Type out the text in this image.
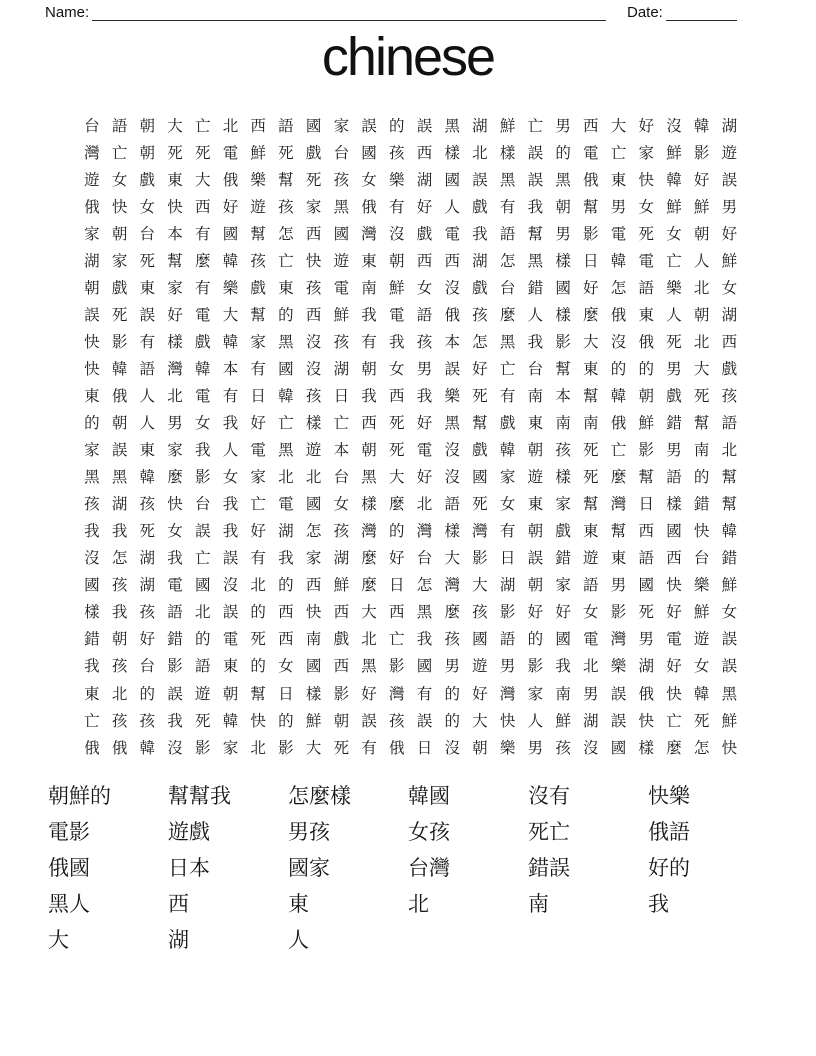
Name:	Date:
chinese
台 語 朝 大 亡 北 西 語 國 家 誤 的 誤 黑 湖 鮮 亡 男 西 大 好 沒 韓 湖
灣 亡 朝 死 死 電 鮮 死 戲 台 國 孩 西 樣 北 樣 誤 的 電 亡 家 鮮 影 遊
遊 女 戲 東 大 俄 樂 幫 死 孩 女 樂 湖 國 誤 黑 誤 黑 俄 東 快 韓 好 誤
俄 快 女 快 西 好 遊 孩 家 黑 俄 有 好 人 戲 有 我 朝 幫 男 女 鮮 鮮 男
家 朝 台 本 有 國 幫 怎 西 國 灣 沒 戲 電 我 語 幫 男 影 電 死 女 朝 好
湖 家 死 幫 麼 韓 孩 亡 快 遊 東 朝 西 西 湖 怎 黑 樣 日 韓 電 亡 人 鮮
朝 戲 東 家 有 樂 戲 東 孩 電 南 鮮 女 沒 戲 台 錯 國 好 怎 語 樂 北 女
誤 死 誤 好 電 大 幫 的 西 鮮 我 電 語 俄 孩 麼 人 樣 麼 俄 東 人 朝 湖
快 影 有 樣 戲 韓 家 黑 沒 孩 有 我 孩 本 怎 黑 我 影 大 沒 俄 死 北 西
快 韓 語 灣 韓 本 有 國 沒 湖 朝 女 男 誤 好 亡 台 幫 東 的 的 男 大 戲
東 俄 人 北 電 有 日 韓 孩 日 我 西 我 樂 死 有 南 本 幫 韓 朝 戲 死 孩
的 朝 人 男 女 我 好 亡 樣 亡 西 死 好 黑 幫 戲 東 南 南 俄 鮮 錯 幫 語
家 誤 東 家 我 人 電 黑 遊 本 朝 死 電 沒 戲 韓 朝 孩 死 亡 影 男 南 北
黑 黑 韓 麼 影 女 家 北 北 台 黑 大 好 沒 國 家 遊 樣 死 麼 幫 語 的 幫
孩 湖 孩 快 台 我 亡 電 國 女 樣 麼 北 語 死 女 東 家 幫 灣 日 樣 錯 幫
我 我 死 女 誤 我 好 湖 怎 孩 灣 的 灣 樣 灣 有 朝 戲 東 幫 西 國 快 韓
沒 怎 湖 我 亡 誤 有 我 家 湖 麼 好 台 大 影 日 誤 錯 遊 東 語 西 台 錯
國 孩 湖 電 國 沒 北 的 西 鮮 麼 日 怎 灣 大 湖 朝 家 語 男 國 快 樂 鮮
樣 我 孩 語 北 誤 的 西 快 西 大 西 黑 麼 孩 影 好 好 女 影 死 好 鮮 女
錯 朝 好 錯 的 電 死 西 南 戲 北 亡 我 孩 國 語 的 國 電 灣 男 電 遊 誤
我 孩 台 影 語 東 的 女 國 西 黑 影 國 男 遊 男 影 我 北 樂 湖 好 女 誤
東 北 的 誤 遊 朝 幫 日 樣 影 好 灣 有 的 好 灣 家 南 男 誤 俄 快 韓 黑
亡 孩 孩 我 死 韓 快 的 鮮 朝 誤 孩 誤 的 大 快 人 鮮 湖 誤 快 亡 死 鮮
俄 俄 韓 沒 影 家 北 影 大 死 有 俄 日 沒 朝 樂 男 孩 沒 國 樣 麼 怎 快
朝鮮的
電影
俄國
黑人
大
幫幫我
遊戲
日本
西
湖
怎麼樣
男孩
國家
東
人
韓國
女孩
台灣
北
沒有
死亡
錯誤
南
快樂
俄語
好的
我
